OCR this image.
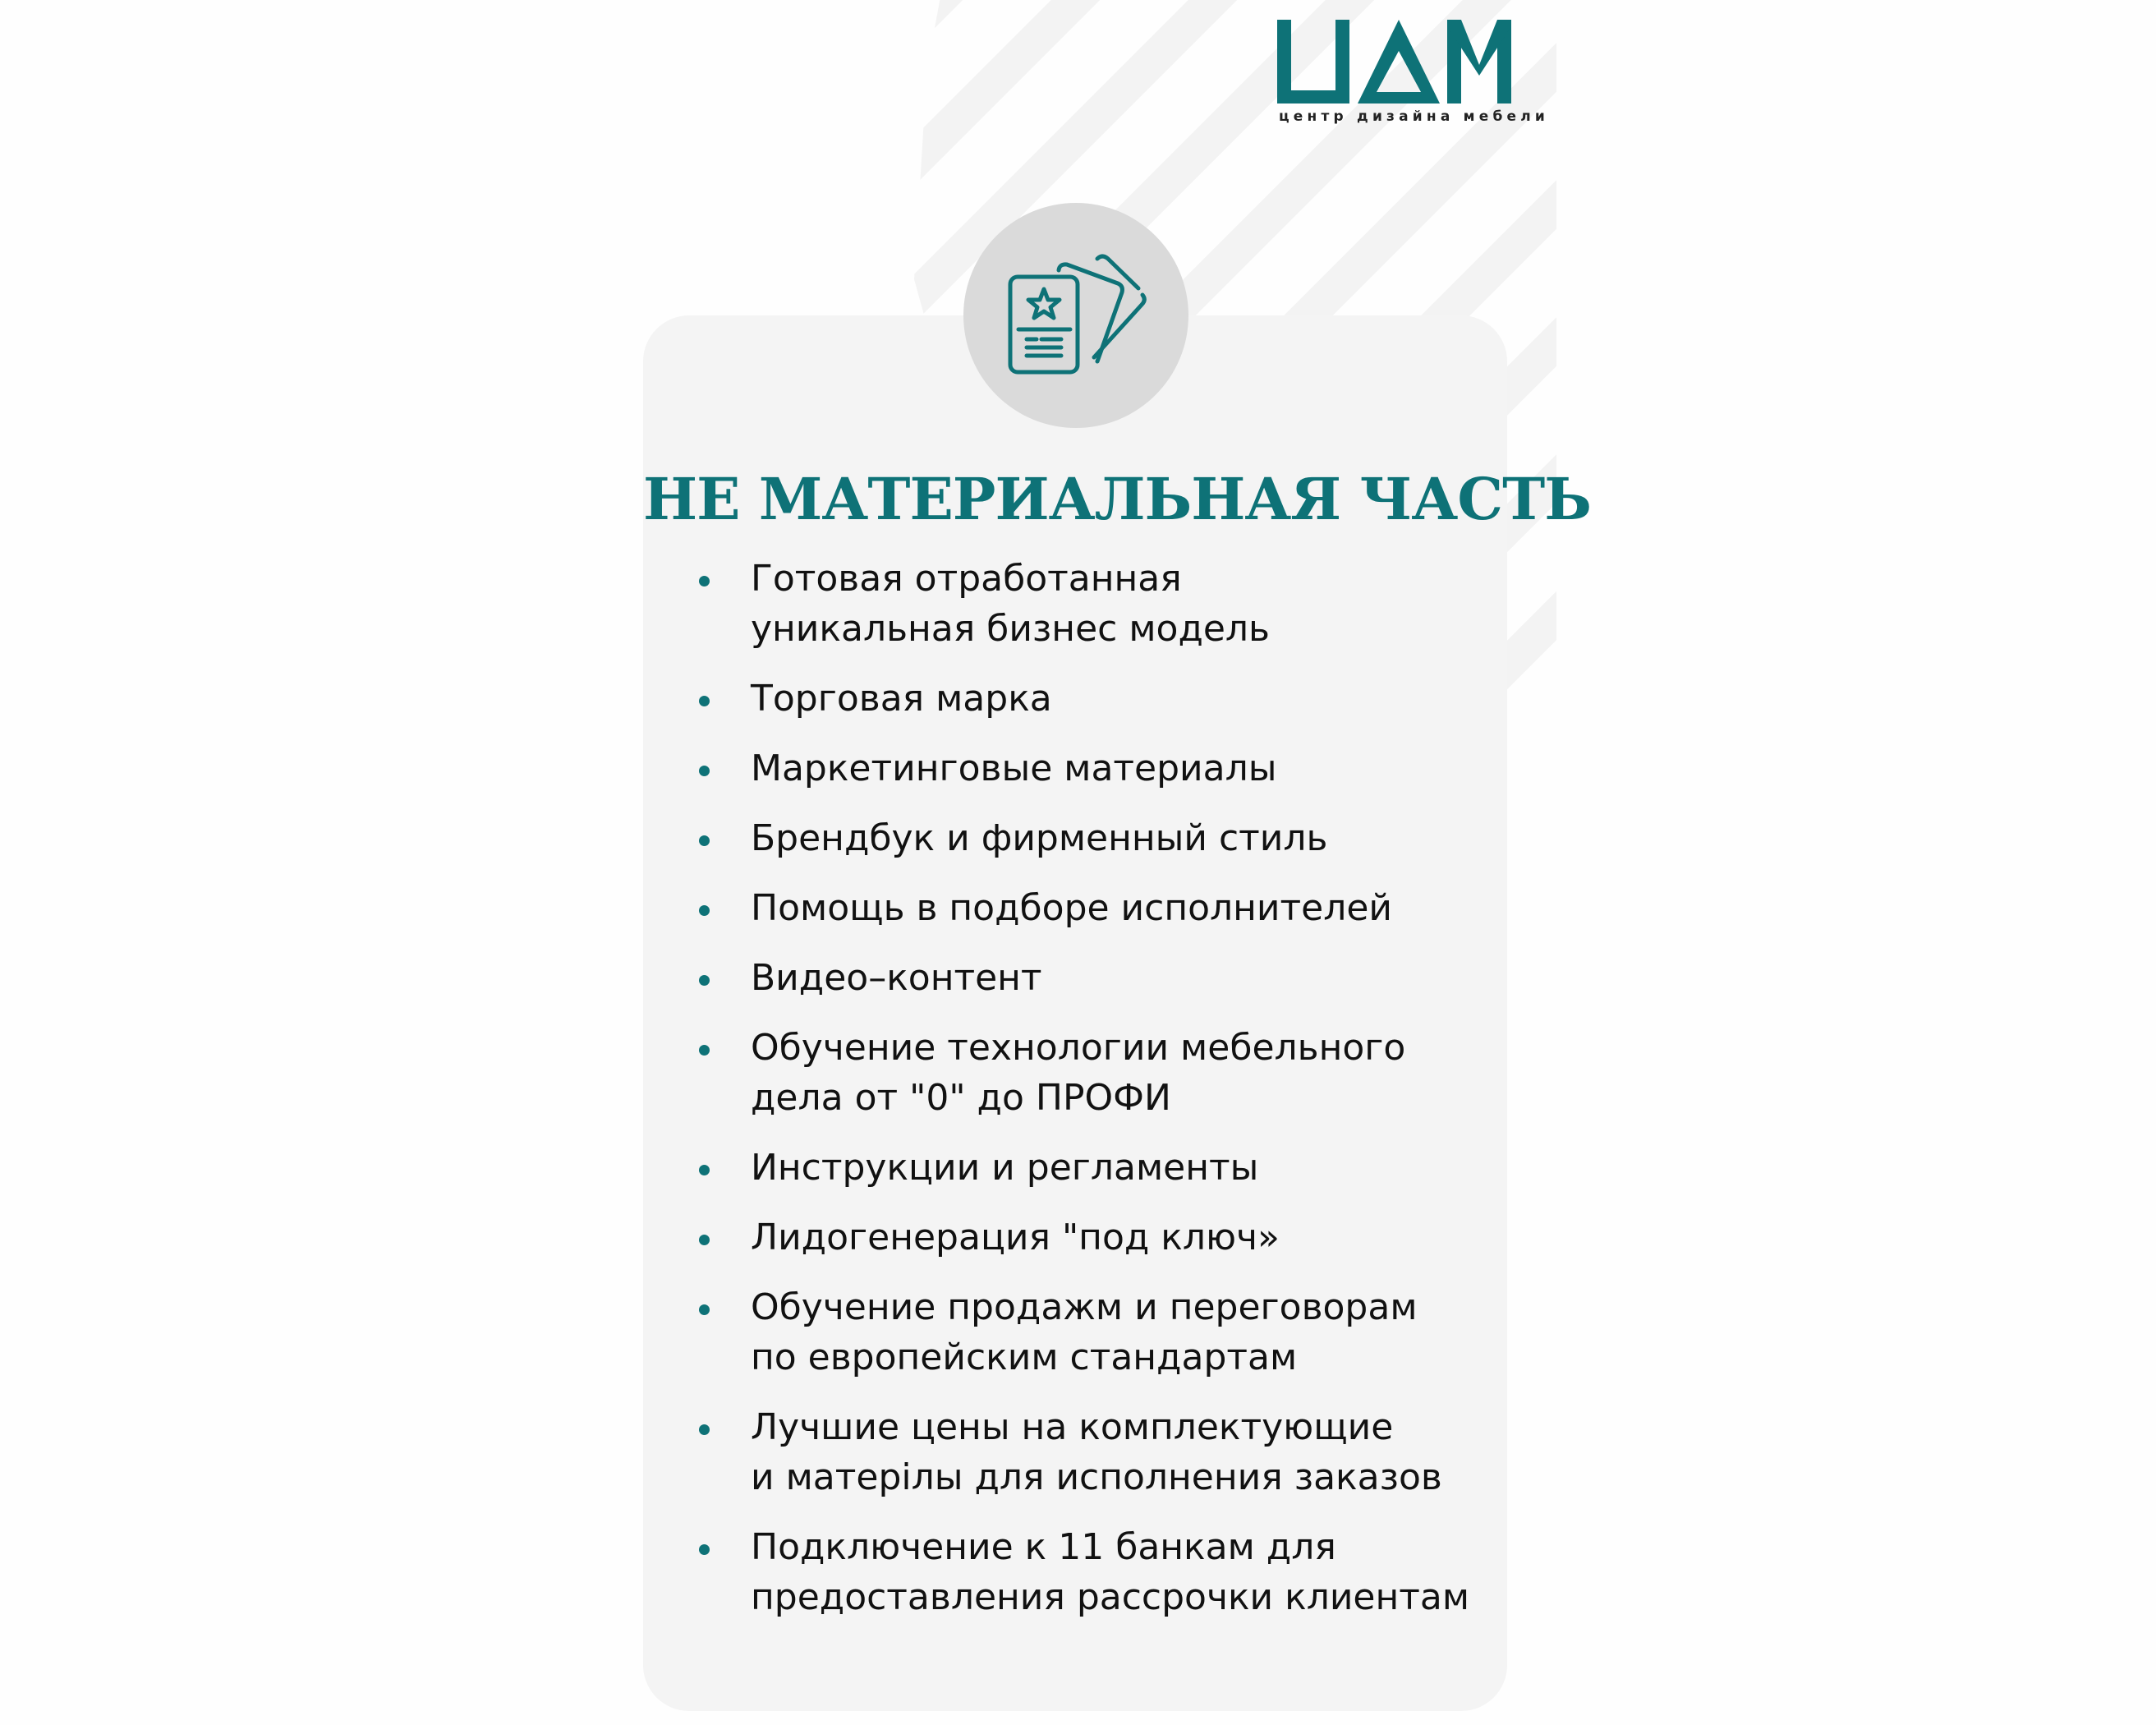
центр дизайна мебели
НЕ МАТЕРИАЛЬНАЯ ЧАСТЬ
Готовая отработанная
уникальная бизнес модель
Торговая марка
Маркетинговые материалы
Брендбук и фирменный стиль
Помощь в подборе исполнителей
Видео–контент
Обучение технологии мебельного
дела от "0" до ПРОФИ
Инструкции и регламенты
Лидогенерация "под ключ»
Обучение продажм и переговорам
по европейским стандартам
Лучшие цены на комплектующие
и матерілы для исполнения заказов
Подключение к 11 банкам для
предоставления рассрочки клиентам
